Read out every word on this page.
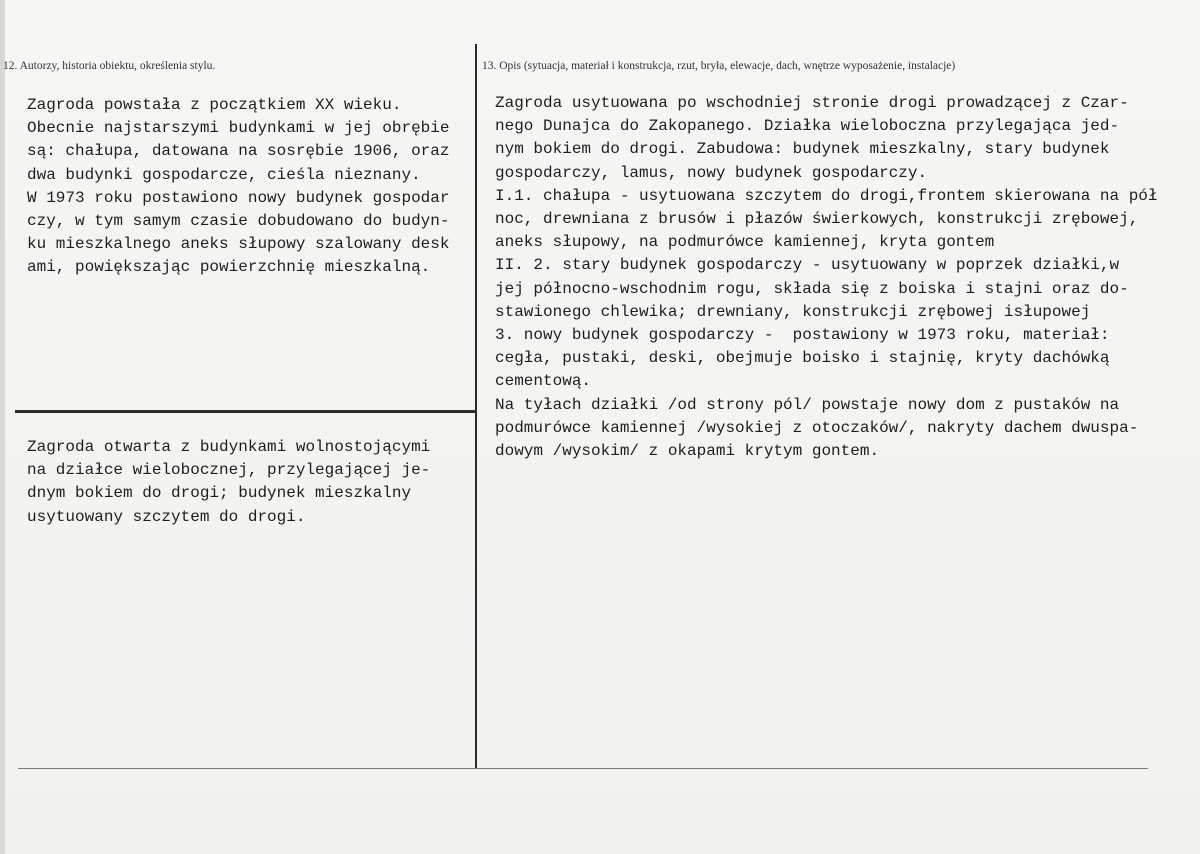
12. Autorzy, historia obiektu, określenia stylu.	13. Opis (sytuacja, materiał i konstrukcja, rzut, bryła, elewacje, dach, wnętrze wyposażenie, instalacje)
Zagroda powstała z początkiem XX wieku.
Obecnie najstarszymi budynkami w jej obrębie
są: chałupa, datowana na sosrębie 1906, oraz
dwa budynki gospodarcze, cieśla nieznany.
W 1973 roku postawiono nowy budynek gospodar
czy, w tym samym czasie dobudowano do budyn-
ku mieszkalnego aneks słupowy szalowany desk
ami, powiększając powierzchnię mieszkalną.
Zagroda otwarta z budynkami wolnostojącymi
na działce wielobocznej, przylegającej je-
dnym bokiem do drogi; budynek mieszkalny
usytuowany szczytem do drogi.
Zagroda usytuowana po wschodniej stronie drogi prowadzącej z Czar-
nego Dunajca do Zakopanego. Działka wieloboczna przylegająca jed-
nym bokiem do drogi. Zabudowa: budynek mieszkalny, stary budynek
gospodarczy, lamus, nowy budynek gospodarczy.
I.1. chałupa - usytuowana szczytem do drogi,frontem skierowana na pół
noc, drewniana z brusów i płazów świerkowych, konstrukcji zrębowej,
aneks słupowy, na podmurówce kamiennej, kryta gontem
II. 2. stary budynek gospodarczy - usytuowany w poprzek działki,w
jej północno-wschodnim rogu, składa się z boiska i stajni oraz do-
stawionego chlewika; drewniany, konstrukcji zrębowej isłupowej
3. nowy budynek gospodarczy -  postawiony w 1973 roku, materiał:
cegła, pustaki, deski, obejmuje boisko i stajnię, kryty dachówką
cementową.
Na tyłach działki /od strony pól/ powstaje nowy dom z pustaków na
podmurówce kamiennej /wysokiej z otoczaków/, nakryty dachem dwuspa-
dowym /wysokim/ z okapami krytym gontem.
